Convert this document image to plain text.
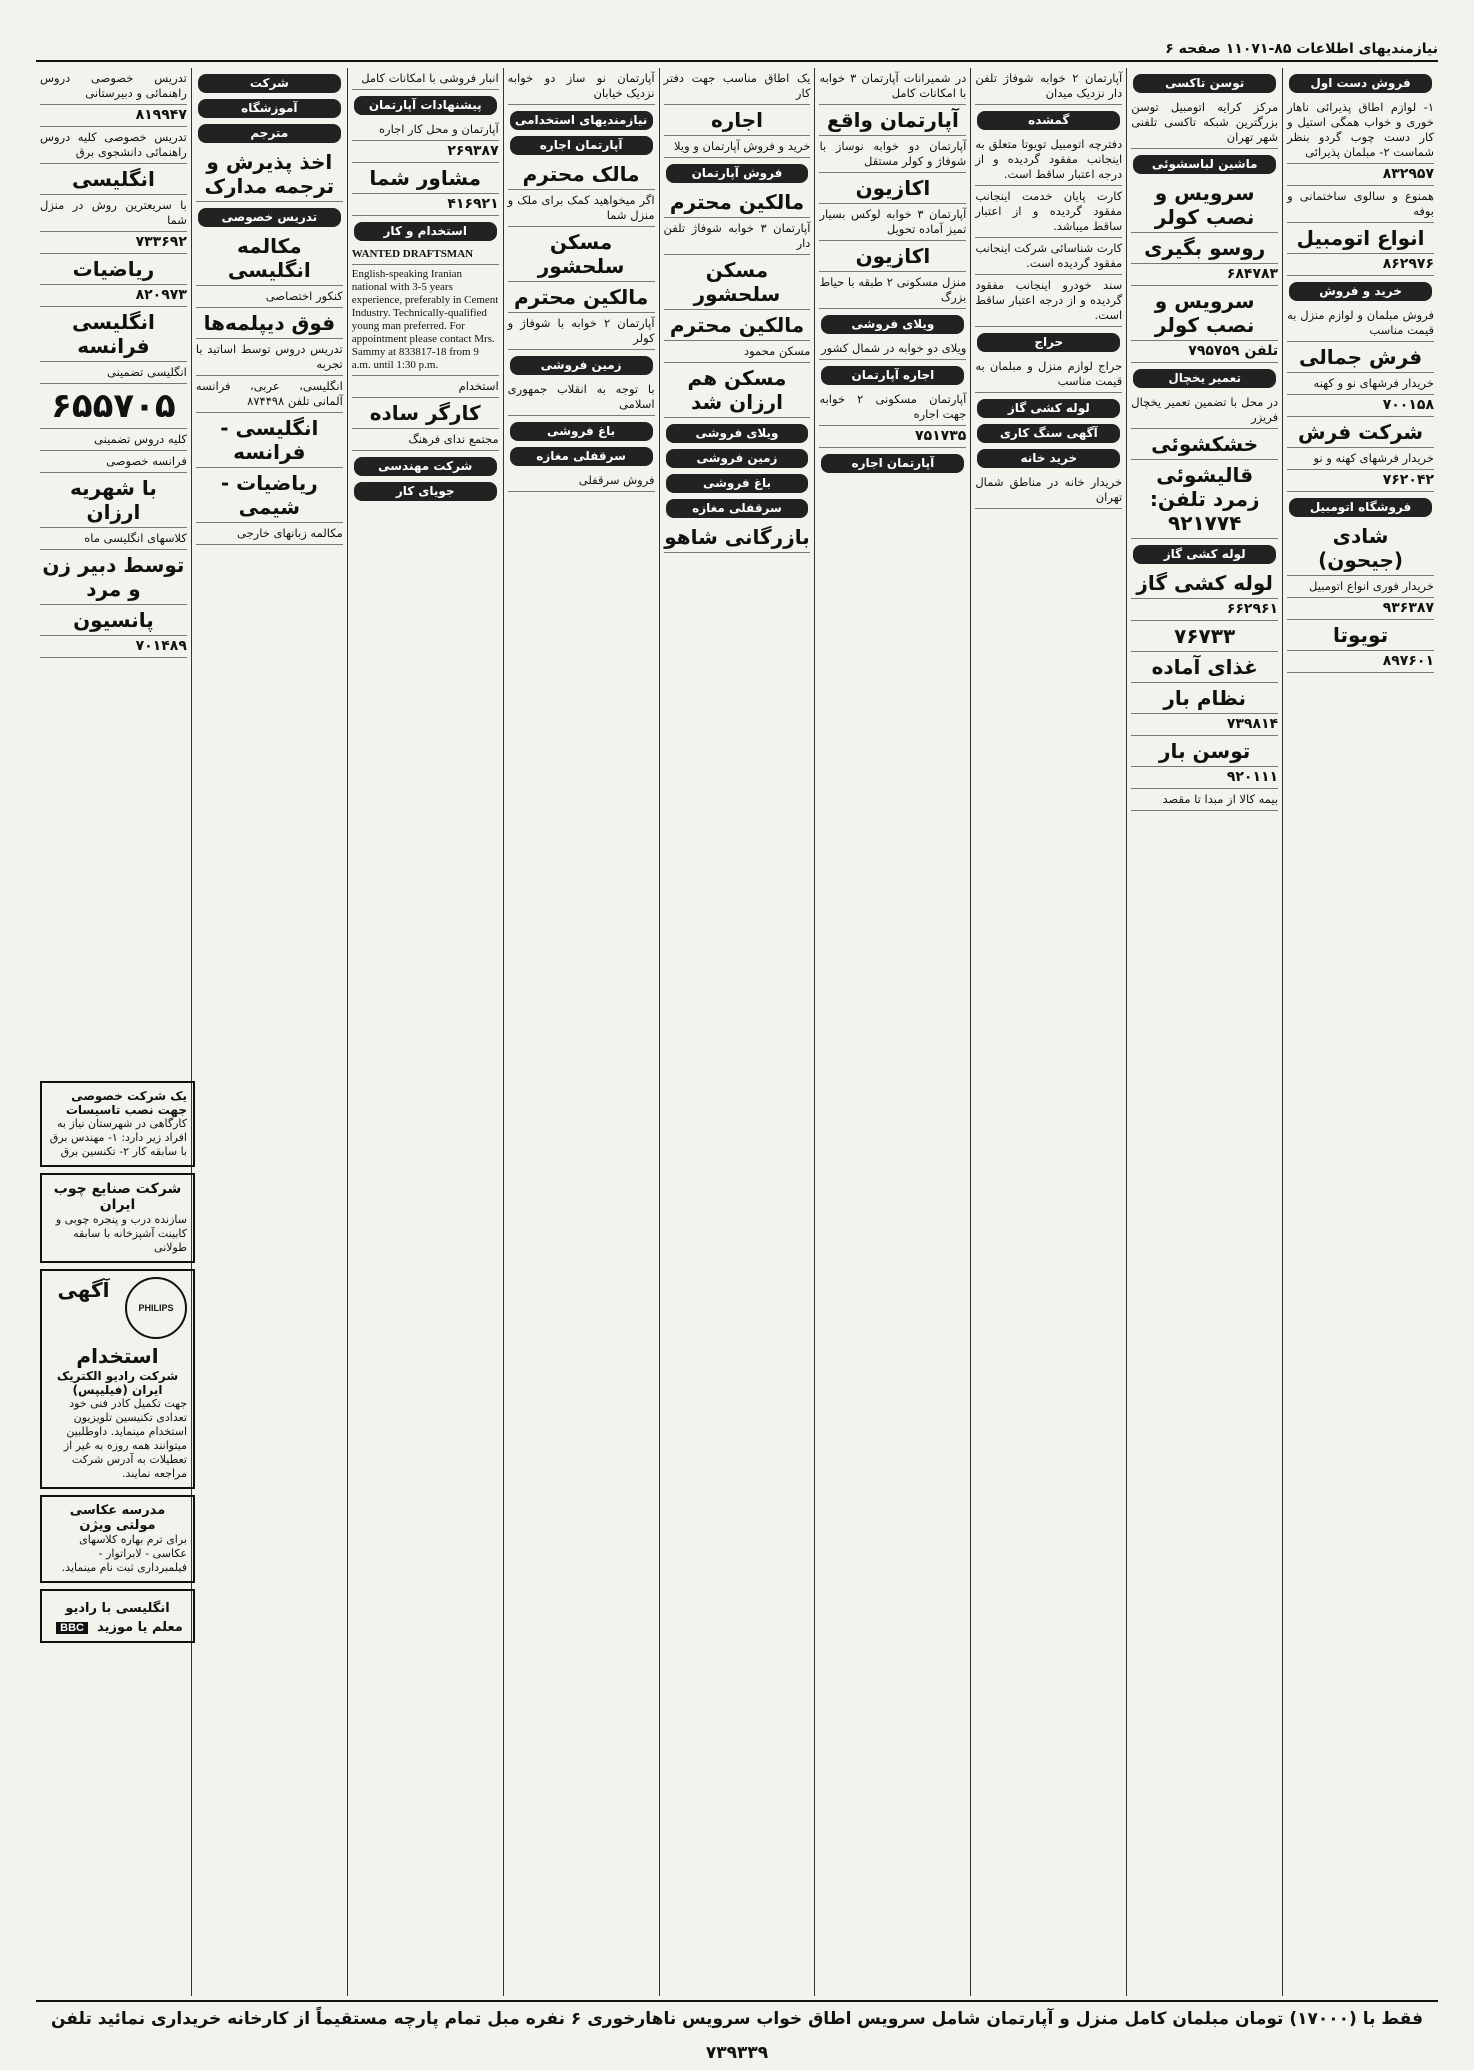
نیازمندیهای اطلاعات ۸۵-۱۱۰۷۱ صفحه ۶
فروش دست اول
۱- لوازم اطاق پذیرائی ناهار خوری و خواب همگی استیل و کار دست چوب گردو بنظر شماست ۲- مبلمان پذیرائی
۸۳۲۹۵۷
همنوع و سالوی ساختمانی و بوفه
انواع اتومبیل
۸۶۲۹۷۶
خرید و فروش
فروش مبلمان و لوازم منزل به قیمت مناسب
فرش جمالی
خریدار فرشهای نو و کهنه
۷۰۰۱۵۸
شرکت فرش
خریدار فرشهای کهنه و نو
۷۶۲۰۴۲
فروشگاه اتومبیل
شادی (جیحون)
خریدار فوری انواع اتومبیل
۹۳۶۳۸۷
تویوتا
۸۹۷۶۰۱
توسن تاکسی
مرکز کرایه اتومبیل توسن بزرگترین شبکه تاکسی تلفنی شهر تهران
ماشین لباسشوئی
سرویس و نصب کولر
روسو بگیری
۶۸۴۷۸۳
سرویس و نصب کولر
تلفن ۷۹۵۷۵۹
تعمیر یخچال
در محل با تضمین تعمیر یخچال فریزر
خشکشوئی
قالیشوئی زمرد تلفن: ۹۲۱۷۷۴
لوله کشی گاز
لوله کشی گاز
۶۶۲۹۶۱
۷۶۷۳۳
غذای آماده
نظام بار
۷۳۹۸۱۴
توسن بار
۹۲۰۱۱۱
بیمه کالا از مبدا تا مقصد
آپارتمان ۲ خوابه شوفاژ تلفن دار نزدیک میدان
گمشده
دفترچه اتومبیل تویوتا متعلق به اینجانب مفقود گردیده و از درجه اعتبار ساقط است.
کارت پایان خدمت اینجانب مفقود گردیده و از اعتبار ساقط میباشد.
کارت شناسائی شرکت اینجانب مفقود گردیده است.
سند خودرو اینجانب مفقود گردیده و از درجه اعتبار ساقط است.
حراج
حراج لوازم منزل و مبلمان به قیمت مناسب
لوله کشی گاز
آگهی سنگ کاری
خرید خانه
خریدار خانه در مناطق شمال تهران
در شمیرانات آپارتمان ۳ خوابه با امکانات کامل
آپارتمان واقع
آپارتمان دو خوابه نوساز با شوفاژ و کولر مستقل
اکازیون
آپارتمان ۳ خوابه لوکس بسیار تمیز آماده تحویل
اکازیون
منزل مسکونی ۲ طبقه با حیاط بزرگ
ویلای فروشی
ویلای دو خوابه در شمال کشور
اجاره آپارتمان
آپارتمان مسکونی ۲ خوابه جهت اجاره
۷۵۱۷۳۵
آپارتمان اجاره
یک اطاق مناسب جهت دفتر کار
اجاره
خرید و فروش آپارتمان و ویلا
فروش آپارتمان
مالکین محترم
آپارتمان ۳ خوابه شوفاژ تلفن دار
مسکن سلحشور
مالکین محترم
مسکن محمود
مسکن هم ارزان شد
ویلای فروشی
زمین فروشی
باغ فروشی
سرقفلی مغازه
بازرگانی شاهو
آپارتمان نو ساز دو خوابه نزدیک خیابان
نیازمندیهای استخدامی
آپارتمان اجاره
مالک محترم
اگر میخواهید کمک برای ملک و منزل شما
مسکن سلحشور
مالکین محترم
آپارتمان ۲ خوابه با شوفاژ و کولر
زمین فروشی
با توجه به انقلاب جمهوری اسلامی
باغ فروشی
سرقفلی مغازه
فروش سرقفلی
انبار فروشی با امکانات کامل
پیشنهادات آپارتمان
آپارتمان و محل کار اجاره
۲۶۹۳۸۷
مشاور شما
۴۱۶۹۲۱
استخدام و کار
WANTED DRAFTSMAN
English-speaking Iranian national with 3-5 years experience, preferably in Cement Industry. Technically-qualified young man preferred. For appointment please contact Mrs. Sammy at 833817-18 from 9 a.m. until 1:30 p.m.
استخدام
کارگر ساده
مجتمع ندای فرهنگ
شرکت مهندسی
جویای کار
شرکت
آموزشگاه
مترجم
اخذ پذیرش و ترجمه مدارک
تدریس خصوصی
مکالمه انگلیسی
کنکور اختصاصی
فوق دیپلمه‌ها
تدریس دروس توسط اساتید با تجربه
انگلیسی، عربی، فرانسه آلمانی تلفن ۸۷۴۴۹۸
انگلیسی - فرانسه
ریاضیات - شیمی
مکالمه زبانهای خارجی
تدریس خصوصی دروس راهنمائی و دبیرستانی
۸۱۹۹۴۷
تدریس خصوصی کلیه دروس راهنمائی دانشجوی برق
انگلیسی
با سریعترین روش در منزل شما
۷۳۳۶۹۲
ریاضیات
۸۲۰۹۷۳
انگلیسی فرانسه
انگلیسی تضمینی
۶۵۵۷۰۵
کلیه دروس تضمینی
فرانسه خصوصی
با شهریه ارزان
کلاسهای انگلیسی ماه
توسط دبیر زن و مرد
پانسیون
۷۰۱۴۸۹
یک شرکت خصوصی جهت نصب تاسیسات
کارگاهی در شهرستان نیاز به افراد زیر دارد: ۱- مهندس برق با سابقه کار ۲- تکنسین برق
شرکت صنایع چوب ایران
سازنده درب و پنجره چوبی و کابینت آشپزخانه با سابقه طولانی
PHILIPS
آگهی استخدام
شرکت رادیو الکتریک ایران (فیلیپس)
جهت تکمیل کادر فنی خود تعدادی تکنیسین تلویزیون استخدام مینماید. داوطلبین میتوانند همه روزه به غیر از تعطیلات به آدرس شرکت مراجعه نمایند.
مدرسه عکاسی مولتی ویژن
برای ترم بهاره کلاسهای عکاسی - لابراتوار - فیلمبرداری ثبت نام مینماید.
انگلیسی با رادیو معلم یا موزید BBC
فقط با (۱۷۰۰۰) تومان مبلمان کامل منزل و آپارتمان شامل سرویس اطاق خواب سرویس ناهارخوری ۶ نفره مبل تمام پارچه مستقیماً از کارخانه خریداری نمائید تلفن ۷۳۹۳۳۹
